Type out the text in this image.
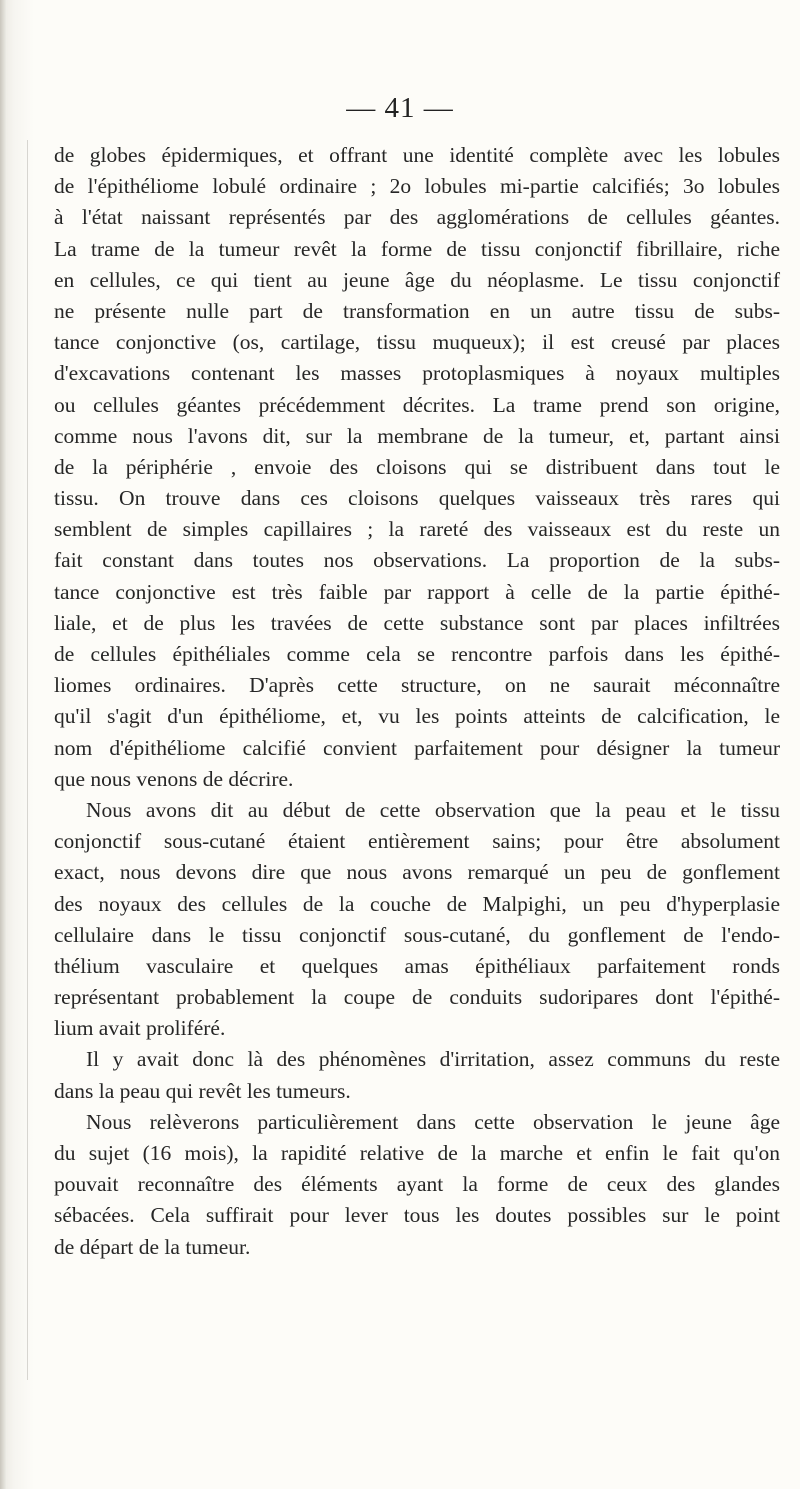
— 41 —
de globes épidermiques, et offrant une identité complète avec les lobules
de l'épithéliome lobulé ordinaire ; 2o lobules mi-partie calcifiés; 3o lobules
à l'état naissant représentés par des agglomérations de cellules géantes.
La trame de la tumeur revêt la forme de tissu conjonctif fibrillaire, riche
en cellules, ce qui tient au jeune âge du néoplasme. Le tissu conjonctif
ne présente nulle part de transformation en un autre tissu de subs-
tance conjonctive (os, cartilage, tissu muqueux); il est creusé par places
d'excavations contenant les masses protoplasmiques à noyaux multiples
ou cellules géantes précédemment décrites. La trame prend son origine,
comme nous l'avons dit, sur la membrane de la tumeur, et, partant ainsi
de la périphérie , envoie des cloisons qui se distribuent dans tout le
tissu. On trouve dans ces cloisons quelques vaisseaux très rares qui
semblent de simples capillaires ; la rareté des vaisseaux est du reste un
fait constant dans toutes nos observations. La proportion de la subs-
tance conjonctive est très faible par rapport à celle de la partie épithé-
liale, et de plus les travées de cette substance sont par places infiltrées
de cellules épithéliales comme cela se rencontre parfois dans les épithé-
liomes ordinaires. D'après cette structure, on ne saurait méconnaître
qu'il s'agit d'un épithéliome, et, vu les points atteints de calcification, le
nom d'épithéliome calcifié convient parfaitement pour désigner la tumeur
que nous venons de décrire.
Nous avons dit au début de cette observation que la peau et le tissu
conjonctif sous-cutané étaient entièrement sains; pour être absolument
exact, nous devons dire que nous avons remarqué un peu de gonflement
des noyaux des cellules de la couche de Malpighi, un peu d'hyperplasie
cellulaire dans le tissu conjonctif sous-cutané, du gonflement de l'endo-
thélium vasculaire et quelques amas épithéliaux parfaitement ronds
représentant probablement la coupe de conduits sudoripares dont l'épithé-
lium avait proliféré.
Il y avait donc là des phénomènes d'irritation, assez communs du reste
dans la peau qui revêt les tumeurs.
Nous relèverons particulièrement dans cette observation le jeune âge
du sujet (16 mois), la rapidité relative de la marche et enfin le fait qu'on
pouvait reconnaître des éléments ayant la forme de ceux des glandes
sébacées. Cela suffirait pour lever tous les doutes possibles sur le point
de départ de la tumeur.
